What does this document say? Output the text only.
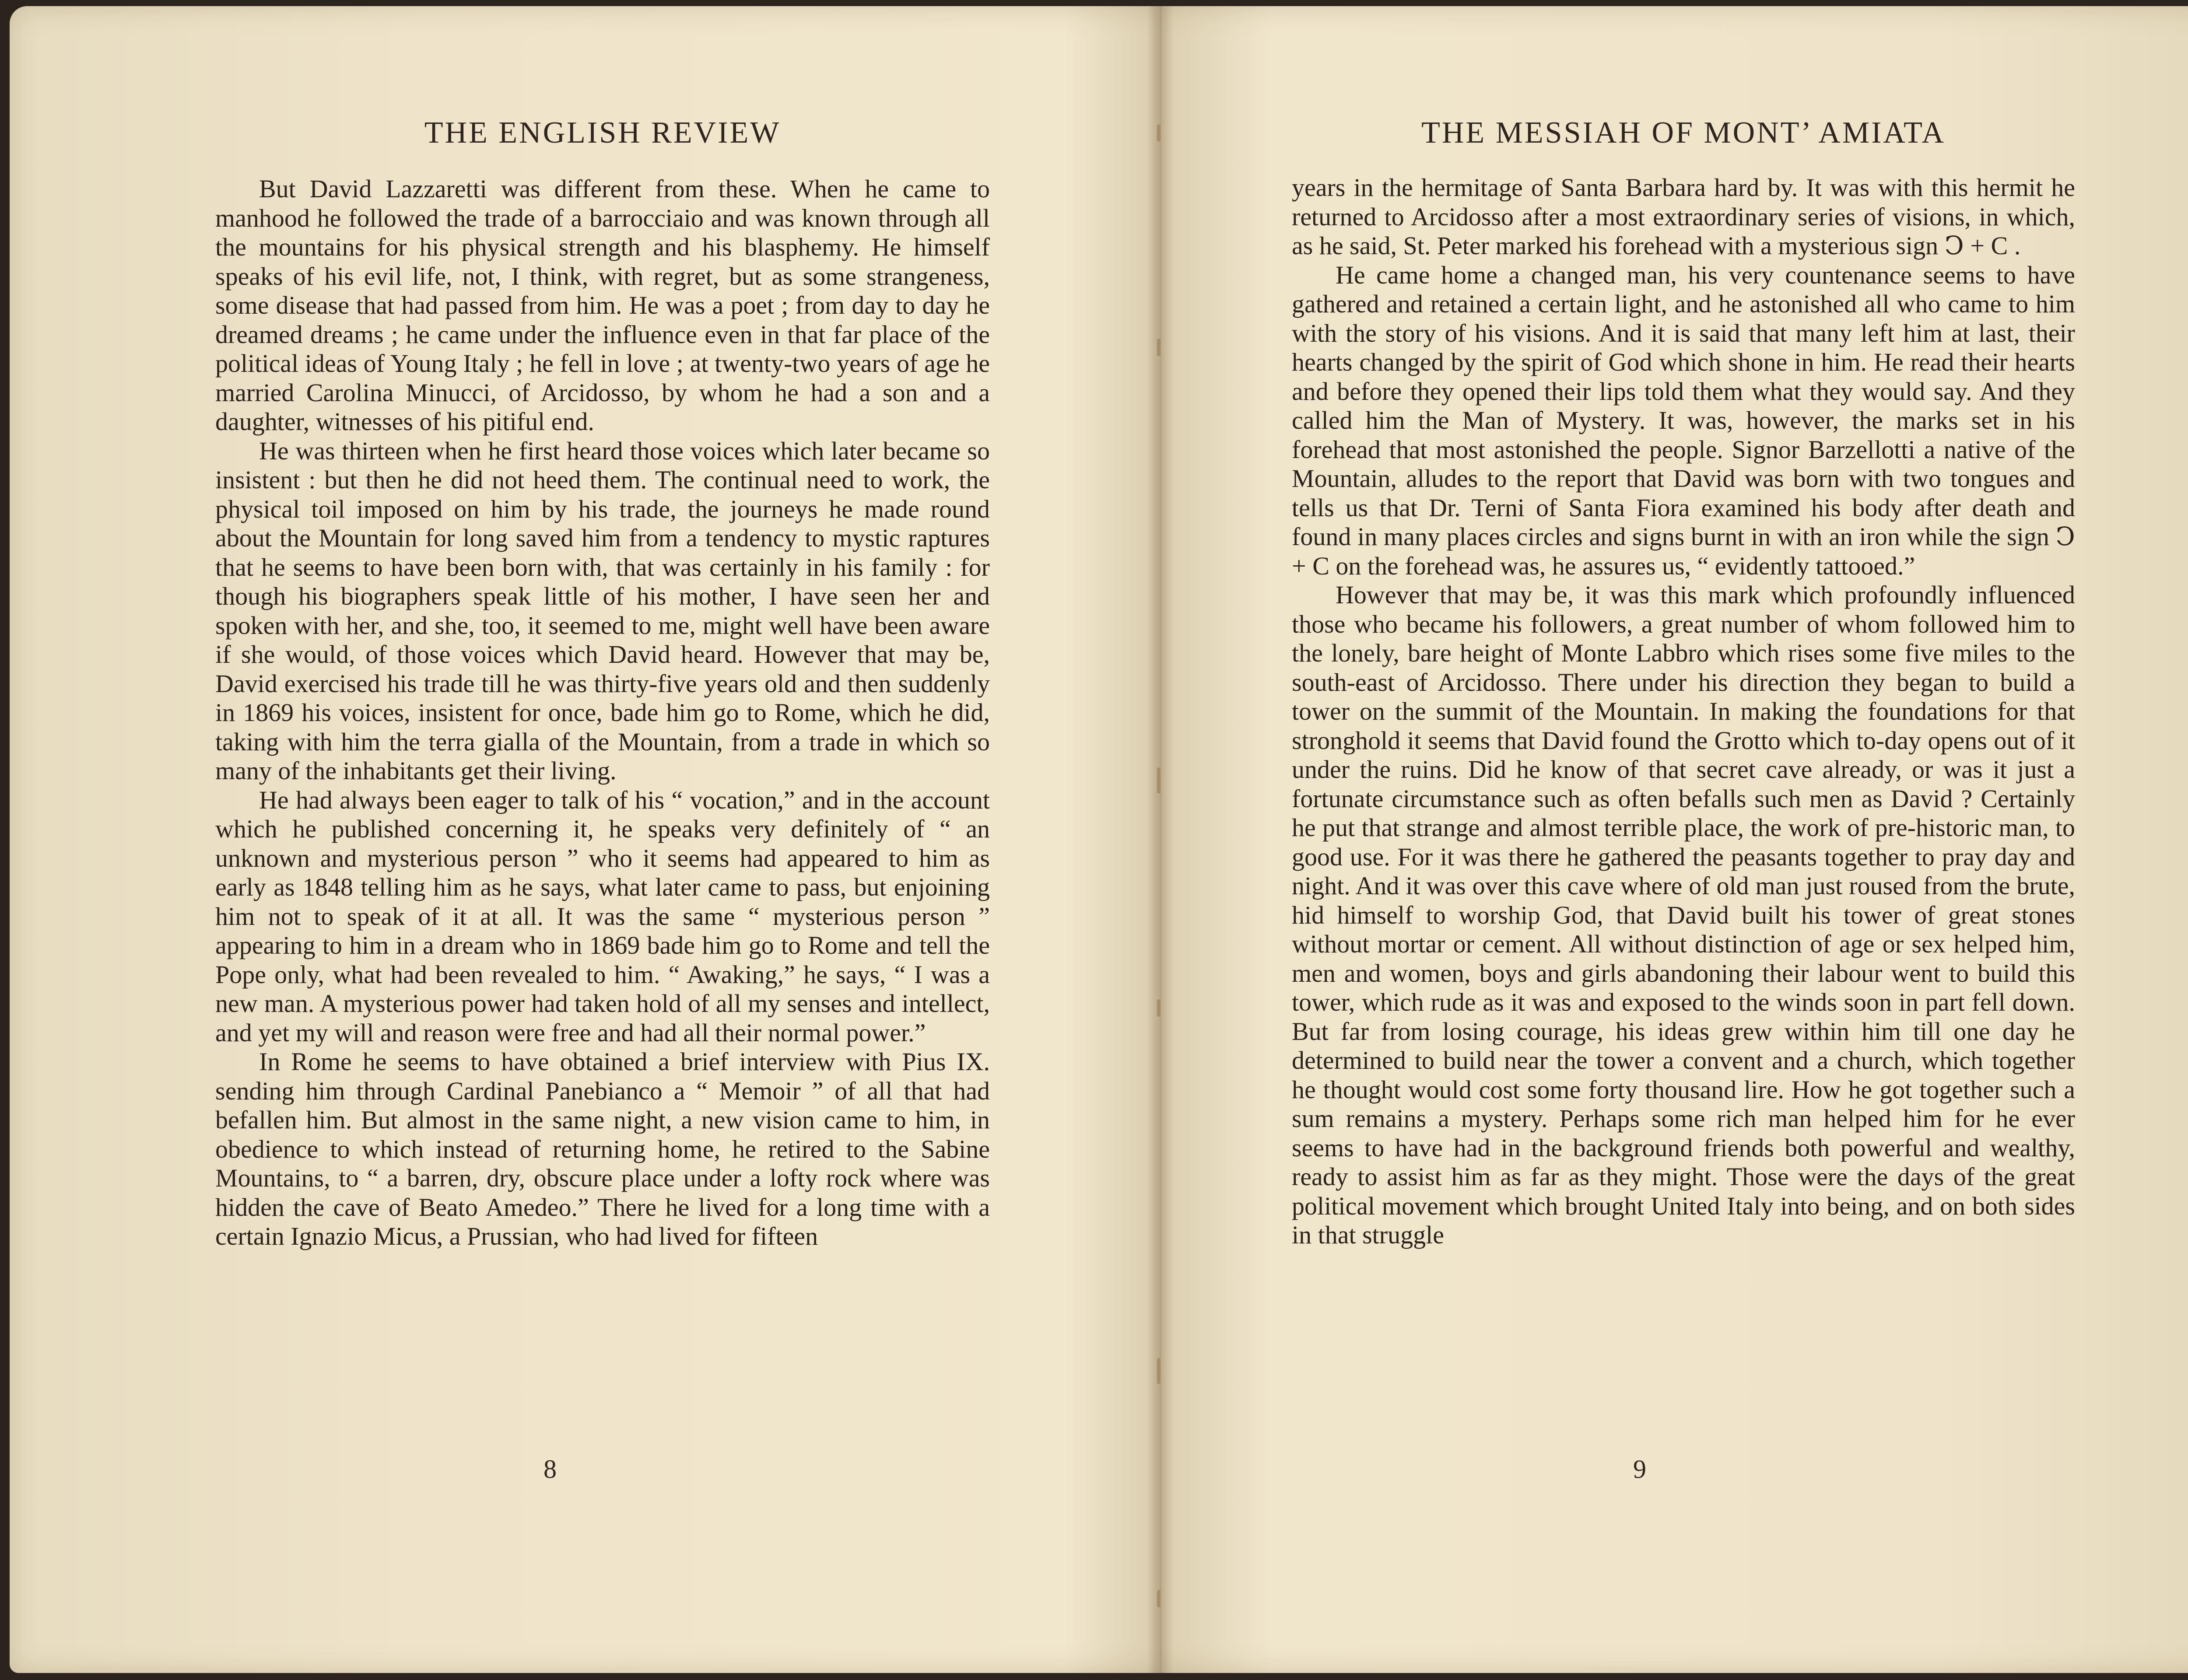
THE ENGLISH REVIEW

But David Lazzaretti was different from these. When he came to manhood he followed the trade of a barrocciaio and was known through all the mountains for his physical strength and his blasphemy. He himself speaks of his evil life, not, I think, with regret, but as some strangeness, some disease that had passed from him. He was a poet ; from day to day he dreamed dreams ; he came under the influence even in that far place of the political ideas of Young Italy ; he fell in love ; at twenty-two years of age he married Carolina Minucci, of Arcidosso, by whom he had a son and a daughter, witnesses of his pitiful end.

He was thirteen when he first heard those voices which later became so insistent : but then he did not heed them. The continual need to work, the physical toil imposed on him by his trade, the journeys he made round about the Mountain for long saved him from a tendency to mystic raptures that he seems to have been born with, that was certainly in his family : for though his biographers speak little of his mother, I have seen her and spoken with her, and she, too, it seemed to me, might well have been aware if she would, of those voices which David heard. However that may be, David exercised his trade till he was thirty-five years old and then suddenly in 1869 his voices, insistent for once, bade him go to Rome, which he did, taking with him the terra gialla of the Mountain, from a trade in which so many of the inhabitants get their living.

He had always been eager to talk of his “ vocation,” and in the account which he published concerning it, he speaks very definitely of “ an unknown and mysterious person ” who it seems had appeared to him as early as 1848 telling him as he says, what later came to pass, but enjoining him not to speak of it at all. It was the same “ mysterious person ” appearing to him in a dream who in 1869 bade him go to Rome and tell the Pope only, what had been revealed to him. “ Awaking,” he says, “ I was a new man. A mysterious power had taken hold of all my senses and intellect, and yet my will and reason were free and had all their normal power.”

In Rome he seems to have obtained a brief interview with Pius IX. sending him through Cardinal Panebianco a “ Memoir ” of all that had befallen him. But almost in the same night, a new vision came to him, in obedience to which instead of returning home, he retired to the Sabine Mountains, to “ a barren, dry, obscure place under a lofty rock where was hidden the cave of Beato Amedeo.” There he lived for a long time with a certain Ignazio Micus, a Prussian, who had lived for fifteen

8
THE MESSIAH OF MONT’ AMIATA

years in the hermitage of Santa Barbara hard by. It was with this hermit he returned to Arcidosso after a most extraordinary series of visions, in which, as he said, St. Peter marked his forehead with a mysterious sign Ↄ + C .

He came home a changed man, his very countenance seems to have gathered and retained a certain light, and he astonished all who came to him with the story of his visions. And it is said that many left him at last, their hearts changed by the spirit of God which shone in him. He read their hearts and before they opened their lips told them what they would say. And they called him the Man of Mystery. It was, however, the marks set in his forehead that most astonished the people. Signor Barzellotti a native of the Mountain, alludes to the report that David was born with two tongues and tells us that Dr. Terni of Santa Fiora examined his body after death and found in many places circles and signs burnt in with an iron while the sign Ↄ + C on the forehead was, he assures us, “ evidently tattooed.”

However that may be, it was this mark which profoundly influenced those who became his followers, a great number of whom followed him to the lonely, bare height of Monte Labbro which rises some five miles to the south-east of Arcidosso. There under his direction they began to build a tower on the summit of the Mountain. In making the foundations for that stronghold it seems that David found the Grotto which to-day opens out of it under the ruins. Did he know of that secret cave already, or was it just a fortunate circumstance such as often befalls such men as David ? Certainly he put that strange and almost terrible place, the work of pre-historic man, to good use. For it was there he gathered the peasants together to pray day and night. And it was over this cave where of old man just roused from the brute, hid himself to worship God, that David built his tower of great stones without mortar or cement. All without distinction of age or sex helped him, men and women, boys and girls abandoning their labour went to build this tower, which rude as it was and exposed to the winds soon in part fell down. But far from losing courage, his ideas grew within him till one day he determined to build near the tower a convent and a church, which together he thought would cost some forty thousand lire. How he got together such a sum remains a mystery. Perhaps some rich man helped him for he ever seems to have had in the background friends both powerful and wealthy, ready to assist him as far as they might. Those were the days of the great political movement which brought United Italy into being, and on both sides in that struggle

9
